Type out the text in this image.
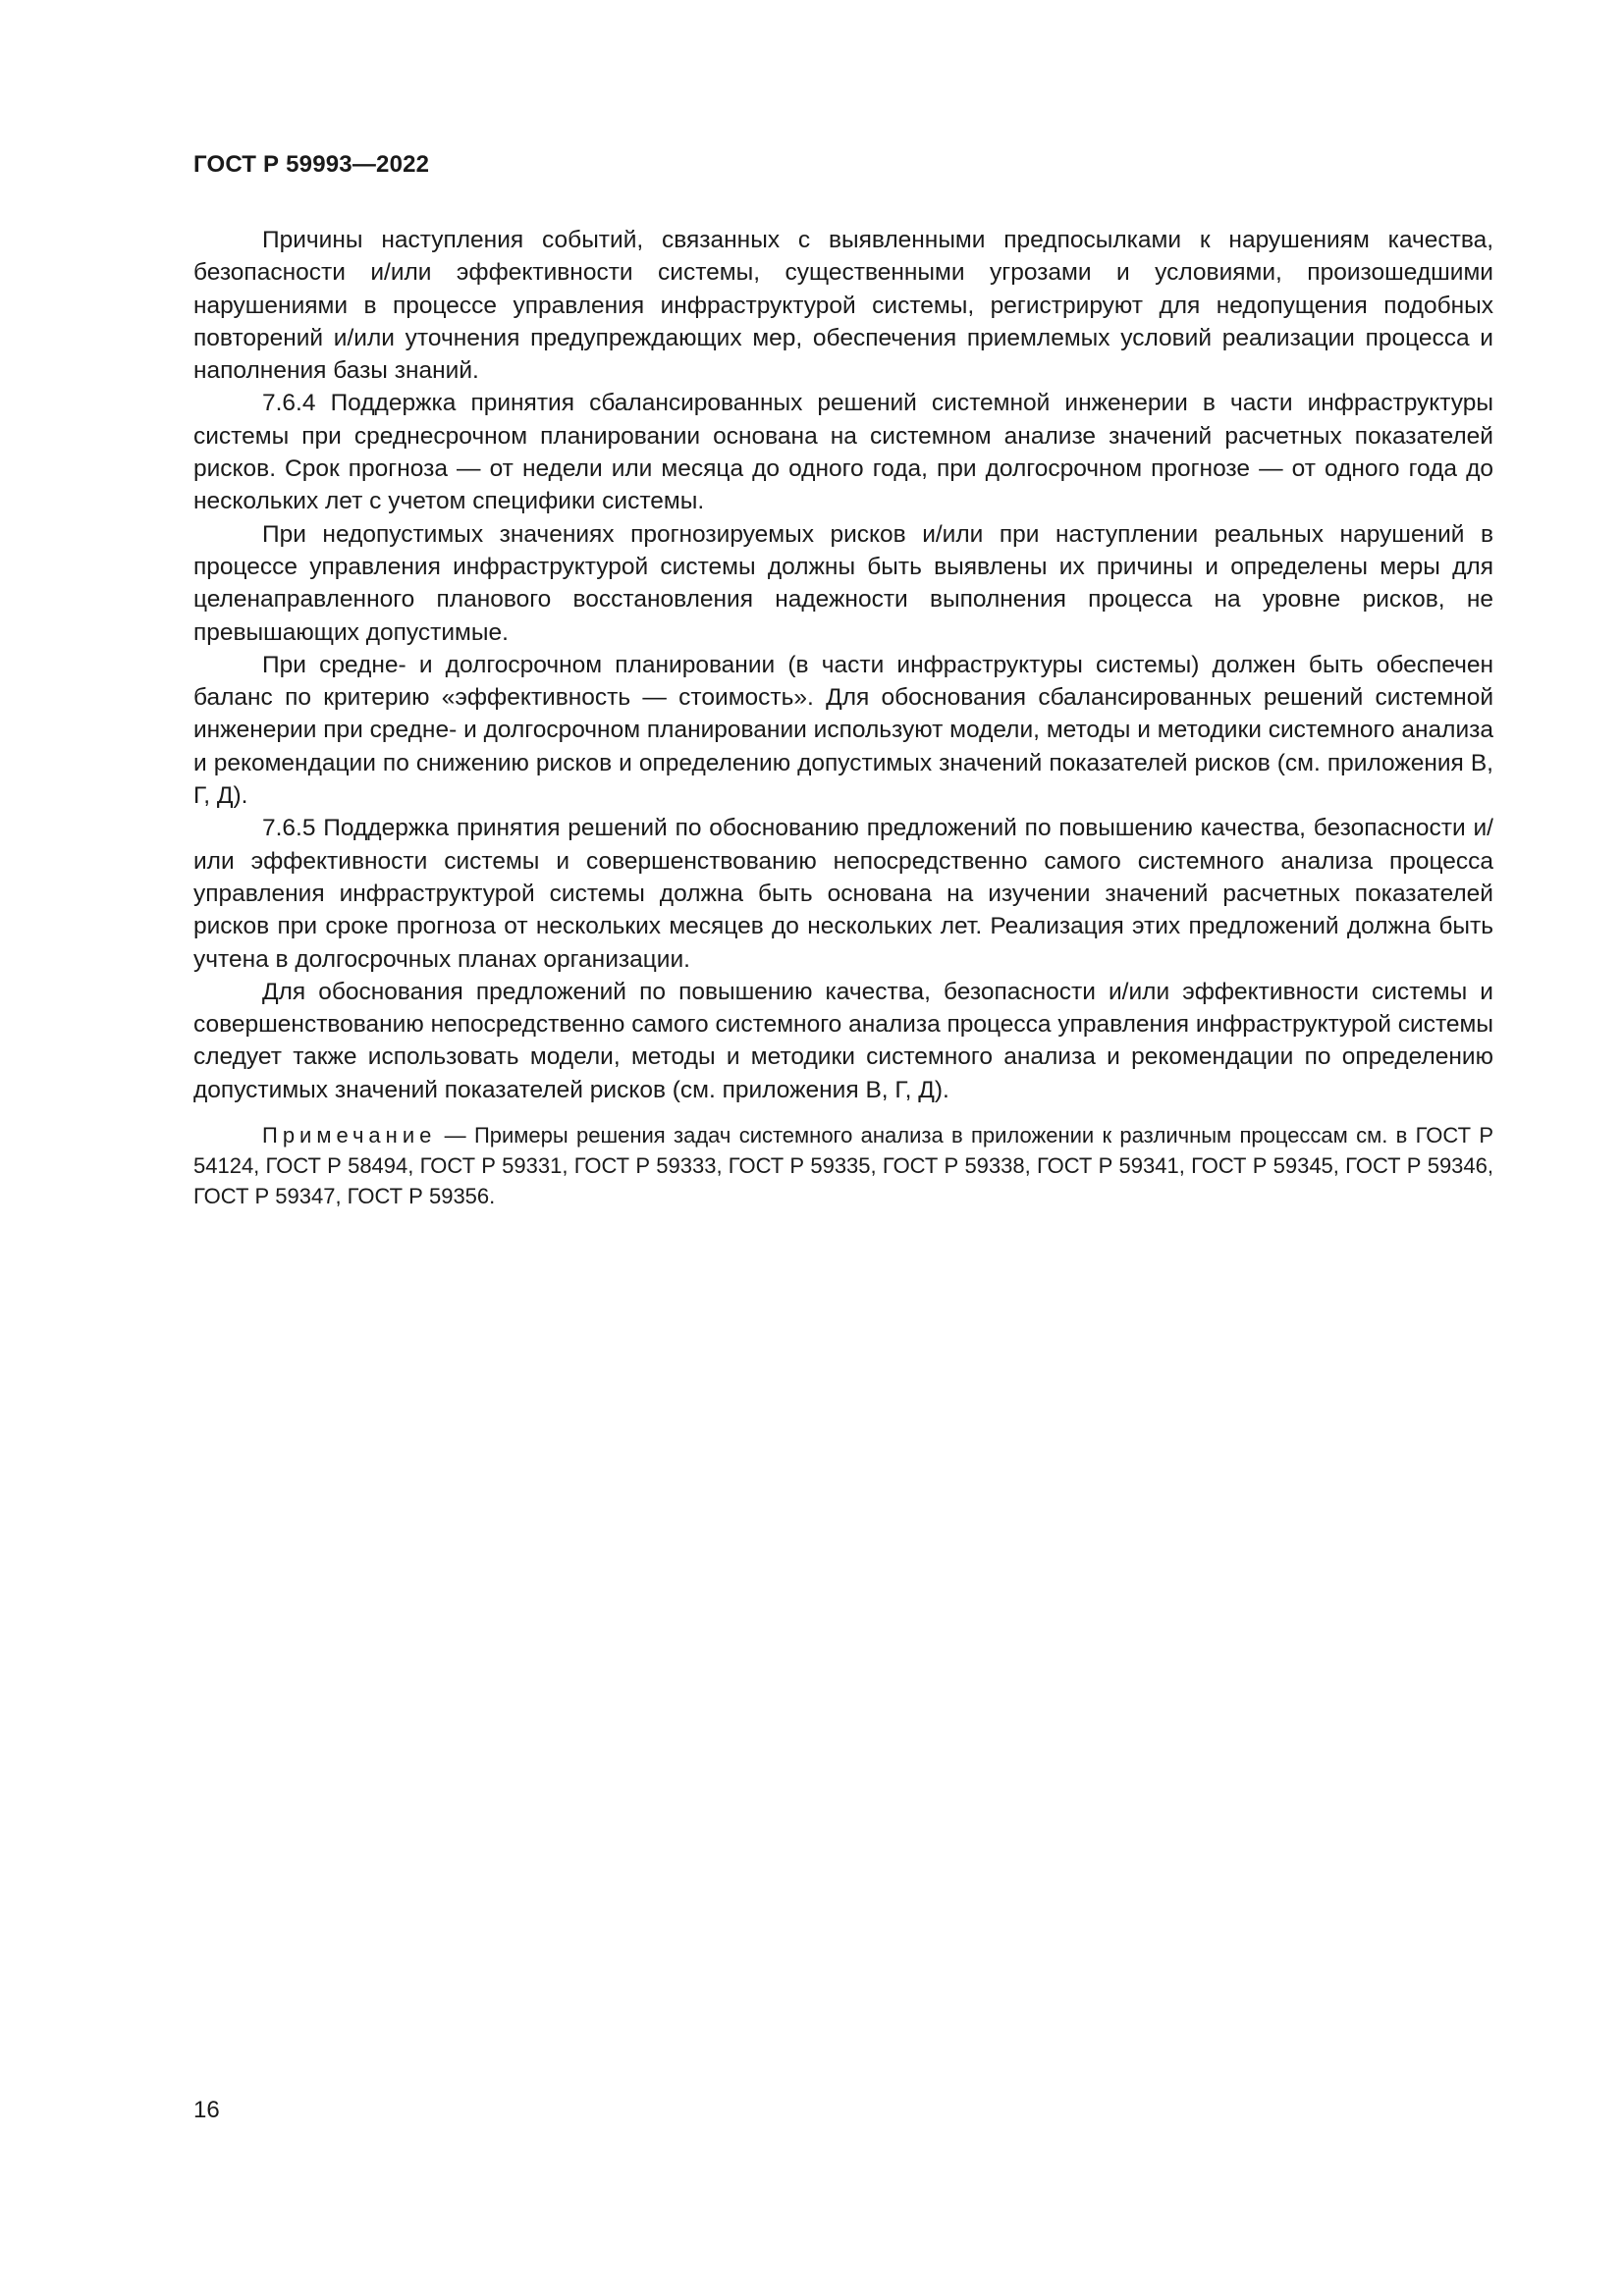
ГОСТ Р 59993—2022

Причины наступления событий, связанных с выявленными предпосылками к нарушениям качества, безопасности и/или эффективности системы, существенными угрозами и условиями, произошедшими нарушениями в процессе управления инфраструктурой системы, регистрируют для недопущения подобных повторений и/или уточнения предупреждающих мер, обеспечения приемлемых условий реализации процесса и наполнения базы знаний.

7.6.4 Поддержка принятия сбалансированных решений системной инженерии в части инфраструктуры системы при среднесрочном планировании основана на системном анализе значений расчетных показателей рисков. Срок прогноза — от недели или месяца до одного года, при долгосрочном прогнозе — от одного года до нескольких лет с учетом специфики системы.

При недопустимых значениях прогнозируемых рисков и/или при наступлении реальных нарушений в процессе управления инфраструктурой системы должны быть выявлены их причины и определены меры для целенаправленного планового восстановления надежности выполнения процесса на уровне рисков, не превышающих допустимые.

При средне- и долгосрочном планировании (в части инфраструктуры системы) должен быть обеспечен баланс по критерию «эффективность — стоимость». Для обоснования сбалансированных решений системной инженерии при средне- и долгосрочном планировании используют модели, методы и методики системного анализа и рекомендации по снижению рисков и определению допустимых значений показателей рисков (см. приложения В, Г, Д).

7.6.5 Поддержка принятия решений по обоснованию предложений по повышению качества, безопасности и/или эффективности системы и совершенствованию непосредственно самого системного анализа процесса управления инфраструктурой системы должна быть основана на изучении значений расчетных показателей рисков при сроке прогноза от нескольких месяцев до нескольких лет. Реализация этих предложений должна быть учтена в долгосрочных планах организации.

Для обоснования предложений по повышению качества, безопасности и/или эффективности системы и совершенствованию непосредственно самого системного анализа процесса управления инфраструктурой системы следует также использовать модели, методы и методики системного анализа и рекомендации по определению допустимых значений показателей рисков (см. приложения В, Г, Д).

Примечание — Примеры решения задач системного анализа в приложении к различным процессам см. в ГОСТ Р 54124, ГОСТ Р 58494, ГОСТ Р 59331, ГОСТ Р 59333, ГОСТ Р 59335, ГОСТ Р 59338, ГОСТ Р 59341, ГОСТ Р 59345, ГОСТ Р 59346, ГОСТ Р 59347, ГОСТ Р 59356.

16
